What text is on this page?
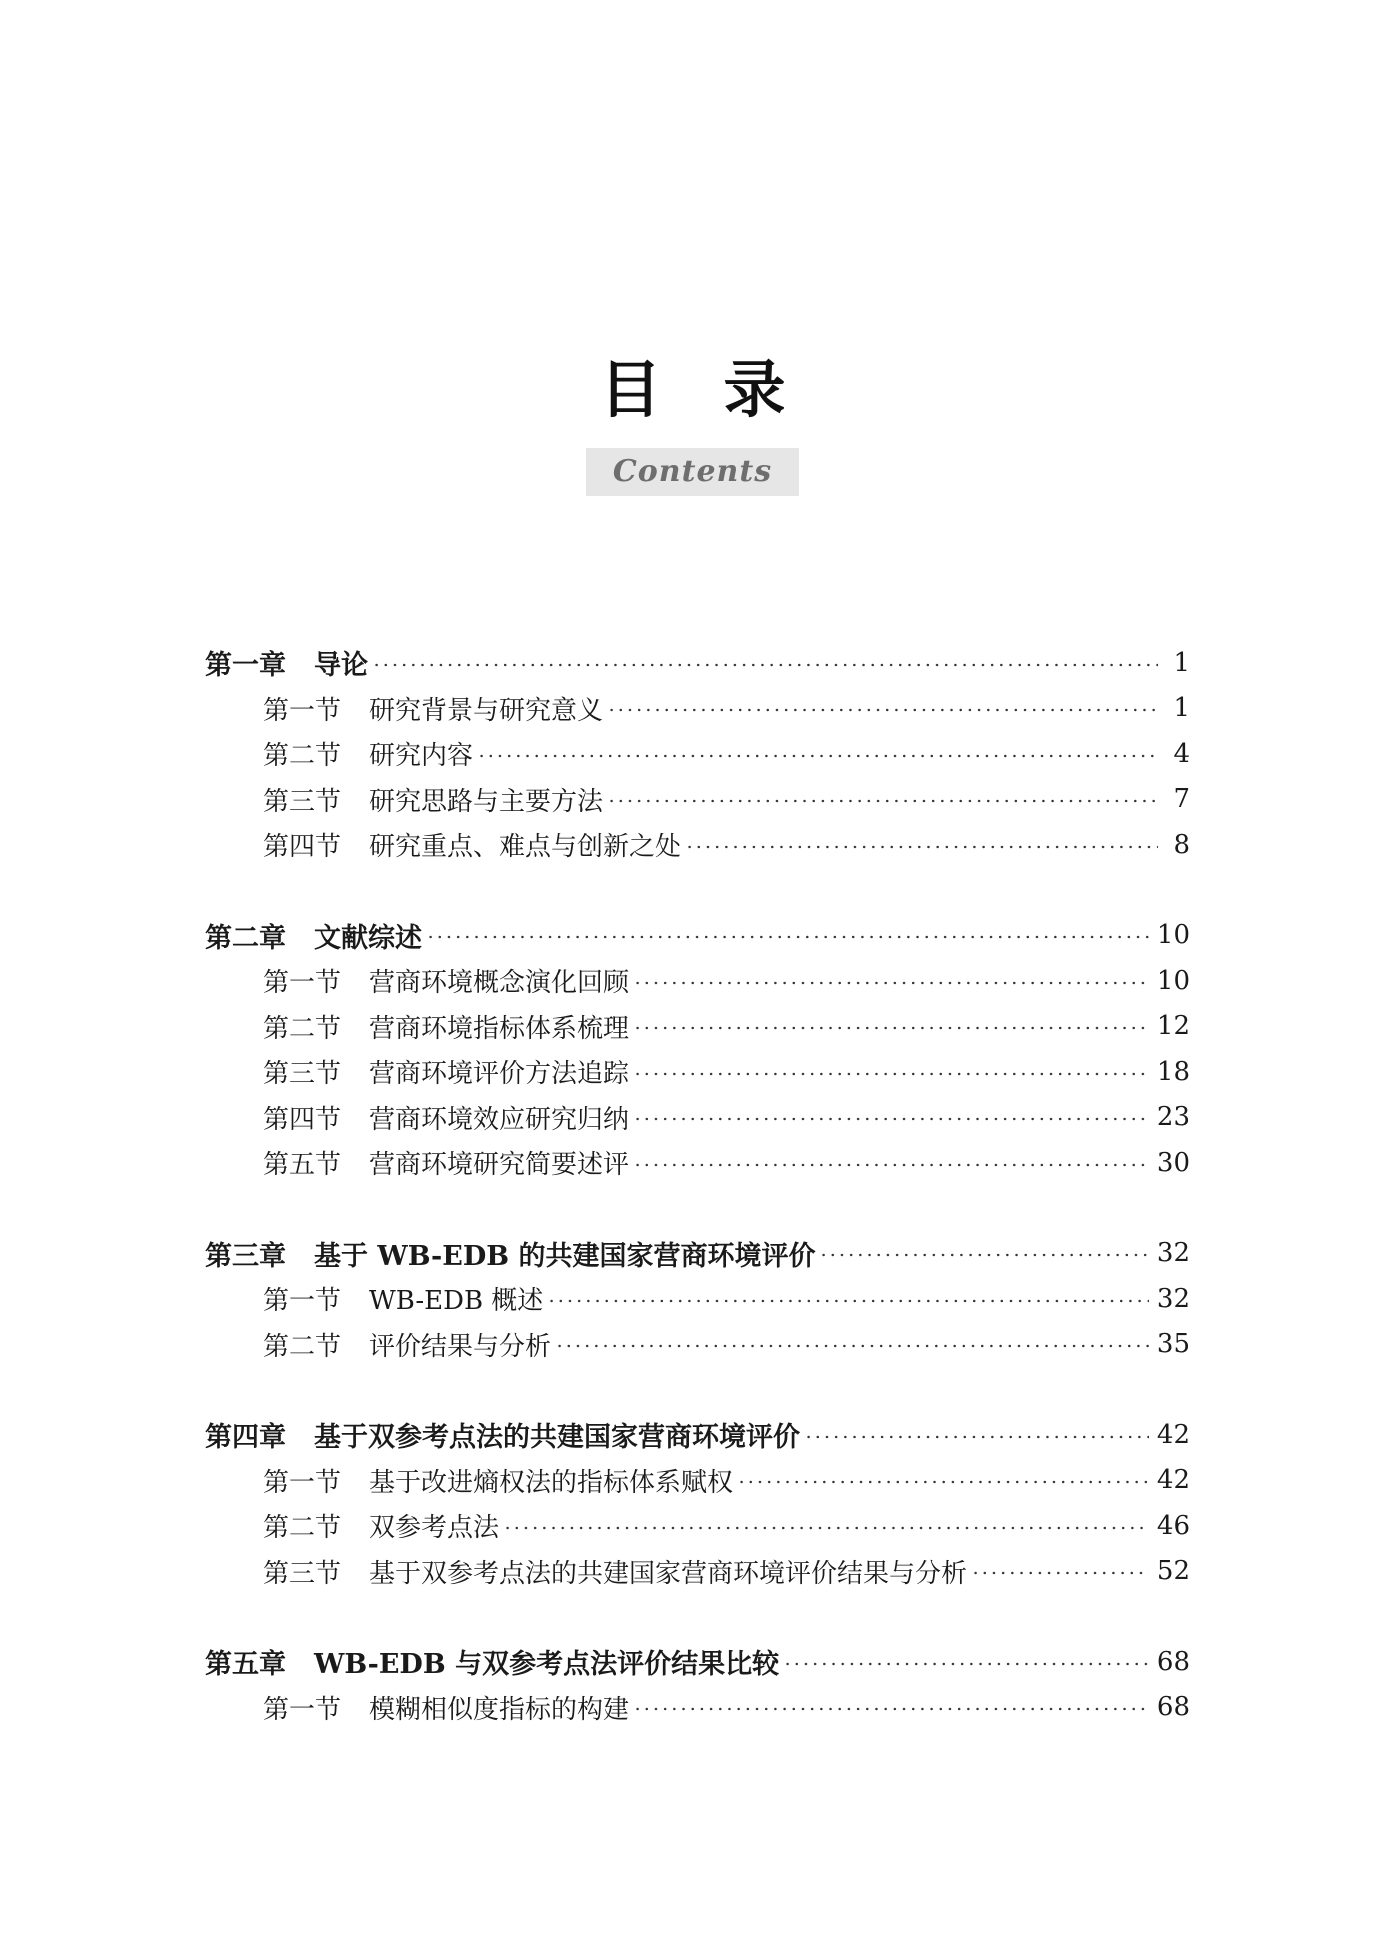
目录
Contents
第一章 导论	1
第一节 研究背景与研究意义	1
第二节 研究内容	4
第三节 研究思路与主要方法	7
第四节 研究重点、难点与创新之处	8
第二章 文献综述	10
第一节 营商环境概念演化回顾	10
第二节 营商环境指标体系梳理	12
第三节 营商环境评价方法追踪	18
第四节 营商环境效应研究归纳	23
第五节 营商环境研究简要述评	30
第三章 基于 WB-EDB 的共建国家营商环境评价	32
第一节 WB-EDB 概述	32
第二节 评价结果与分析	35
第四章 基于双参考点法的共建国家营商环境评价	42
第一节 基于改进熵权法的指标体系赋权	42
第二节 双参考点法	46
第三节 基于双参考点法的共建国家营商环境评价结果与分析	52
第五章 WB-EDB 与双参考点法评价结果比较	68
第一节 模糊相似度指标的构建	68
